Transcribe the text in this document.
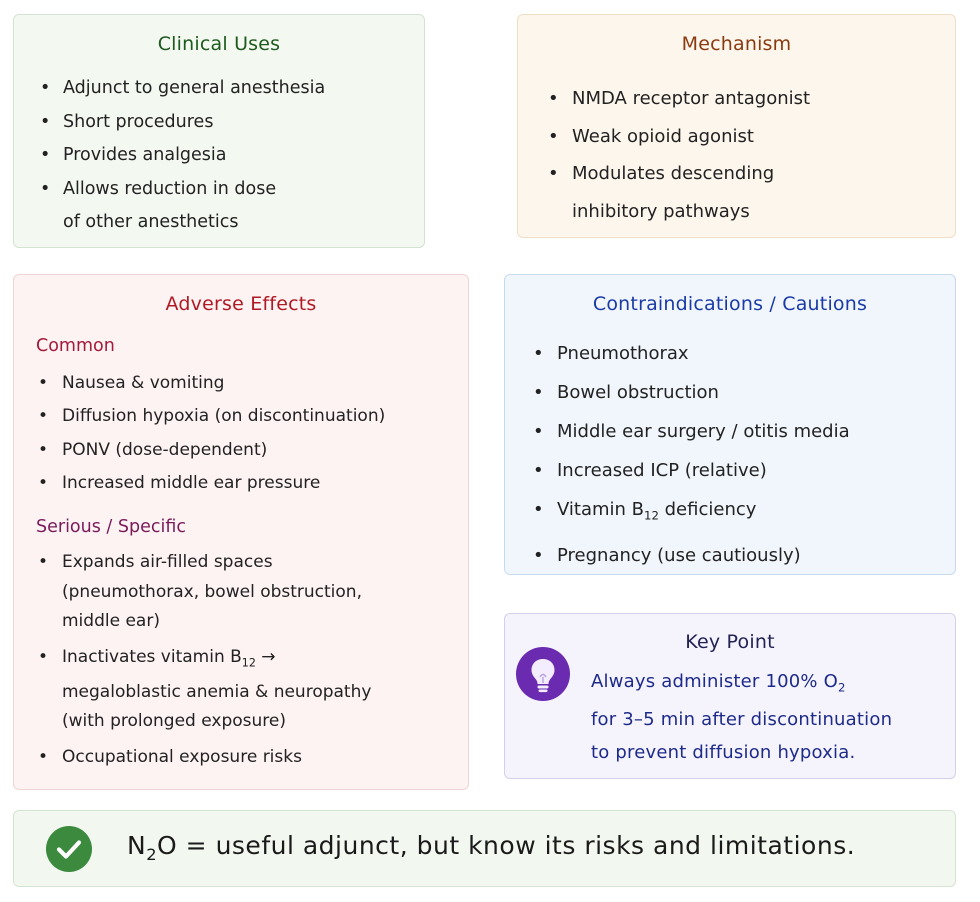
Clinical Uses
• Adjunct to general anesthesia
• Short procedures
• Provides analgesia
• Allows reduction in dose
of other anesthetics
Mechanism
• NMDA receptor antagonist
• Weak opioid agonist
• Modulates descending
inhibitory pathways
Adverse Effects
Common
• Nausea & vomiting
• Diffusion hypoxia (on discontinuation)
• PONV (dose-dependent)
• Increased middle ear pressure
Serious / Specific
• Expands air-filled spaces
(pneumothorax, bowel obstruction,
middle ear)
• Inactivates vitamin $B_{12}$ →
megaloblastic anemia & neuropathy
(with prolonged exposure)
• Occupational exposure risks
Contraindications / Cautions
• Pneumothorax
• Bowel obstruction
• Middle ear surgery / otitis media
• Increased ICP (relative)
• Vitamin $B_{12}$ deficiency
• Pregnancy (use cautiously)
Key Point
Always administer 100% $O_2$
for 3–5 min after discontinuation
to prevent diffusion hypoxia.
$N_2O$ = useful adjunct, but know its risks and limitations.
